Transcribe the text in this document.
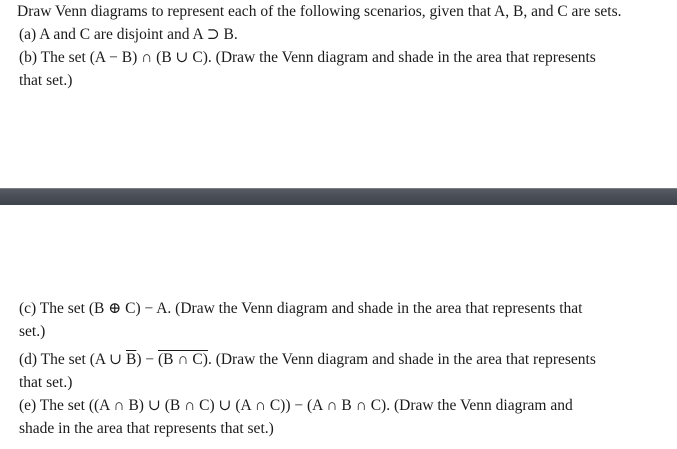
Draw Venn diagrams to represent each of the following scenarios, given that A, B, and C are sets.
(a) A and C are disjoint and A ⊃ B.
(b) The set (A − B) ∩ (B ∪ C). (Draw the Venn diagram and shade in the area that represents
that set.)
(c) The set (B ⊕ C) − A. (Draw the Venn diagram and shade in the area that represents that
set.)
(d) The set (A ∪ $\overline{B}) - (B$ ∩ C). (Draw the Venn diagram and shade in the area that represents
that set.)
(e) The set ((A ∩ B) ∪ (B ∩ C) ∪ (A ∩ C)) − (A ∩ B ∩ C). (Draw the Venn diagram and
shade in the area that represents that set.)
